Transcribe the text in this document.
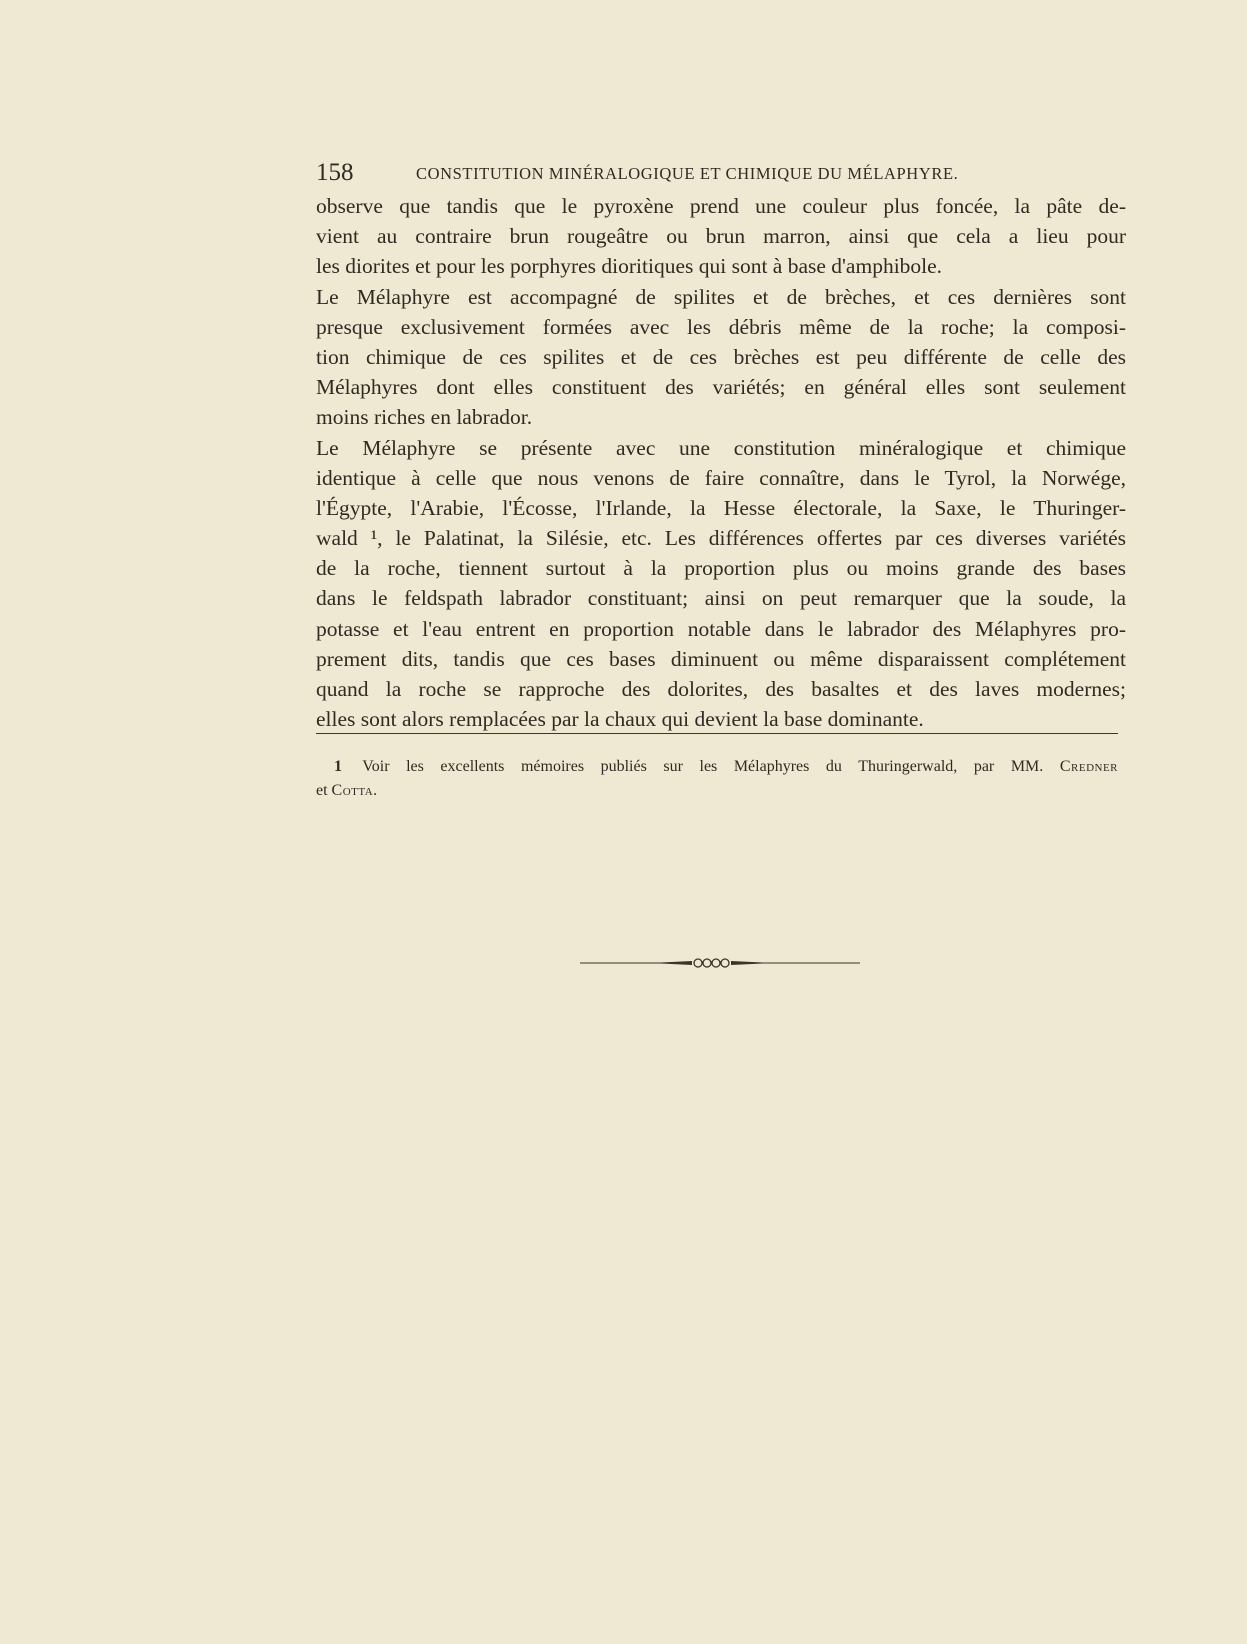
158	CONSTITUTION MINÉRALOGIQUE ET CHIMIQUE DU MÉLAPHYRE.
observe que tandis que le pyroxène prend une couleur plus foncée, la pâte de-
vient au contraire brun rougeâtre ou brun marron, ainsi que cela a lieu pour
les diorites et pour les porphyres dioritiques qui sont à base d'amphibole.
Le Mélaphyre est accompagné de spilites et de brèches, et ces dernières sont
presque exclusivement formées avec les débris même de la roche; la composi-
tion chimique de ces spilites et de ces brèches est peu différente de celle des
Mélaphyres dont elles constituent des variétés; en général elles sont seulement
moins riches en labrador.
Le Mélaphyre se présente avec une constitution minéralogique et chimique
identique à celle que nous venons de faire connaître, dans le Tyrol, la Norwége,
l'Égypte, l'Arabie, l'Écosse, l'Irlande, la Hesse électorale, la Saxe, le Thuringer-
wald ¹, le Palatinat, la Silésie, etc. Les différences offertes par ces diverses variétés
de la roche, tiennent surtout à la proportion plus ou moins grande des bases
dans le feldspath labrador constituant; ainsi on peut remarquer que la soude, la
potasse et l'eau entrent en proportion notable dans le labrador des Mélaphyres pro-
prement dits, tandis que ces bases diminuent ou même disparaissent complétement
quand la roche se rapproche des dolorites, des basaltes et des laves modernes;
elles sont alors remplacées par la chaux qui devient la base dominante.
1 Voir les excellents mémoires publiés sur les Mélaphyres du Thuringerwald, par MM. Credner
et Cotta.
